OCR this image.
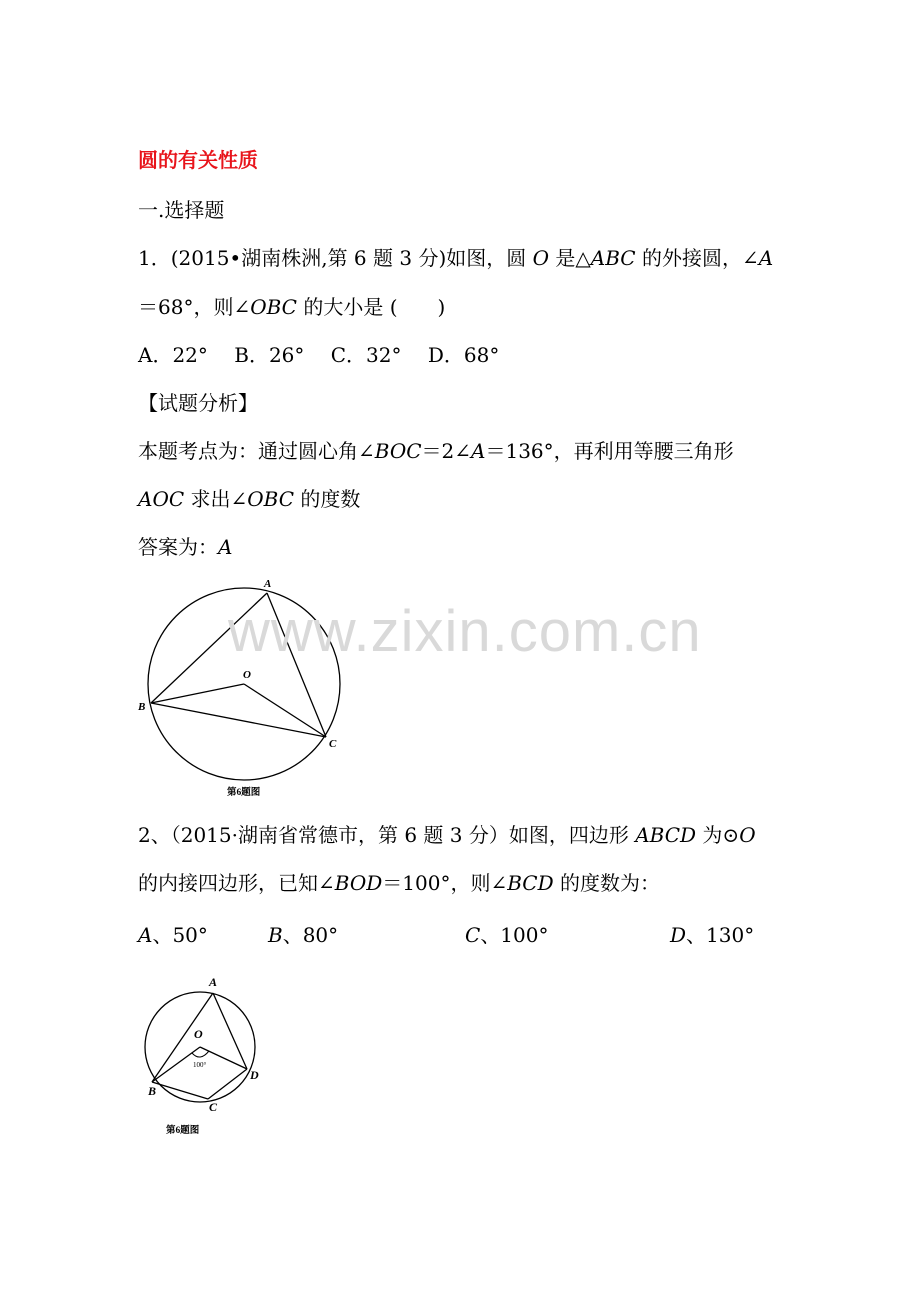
圆的有关性质
一.选择题
1．(2015•湖南株洲,第 6 题 3 分)如图，圆 O 是△ABC 的外接圆，∠A
＝68°，则∠OBC 的大小是 (　　)
A．22°　 B．26°　 C．32°　 D．68°
【试题分析】
本题考点为：通过圆心角∠BOC＝2∠A＝136°，再利用等腰三角形
AOC 求出∠OBC 的度数
答案为：A
A
B
C
O
第6题图
www.zixin.com.cn
2、（2015·湖南省常德市，第 6 题 3 分）如图，四边形 ABCD 为⊙O
的内接四边形，已知∠BOD＝100°，则∠BCD 的度数为：
A、50°	B、80°	C、100°	D、130°
100°
A
O
B
C
D
第6题图
